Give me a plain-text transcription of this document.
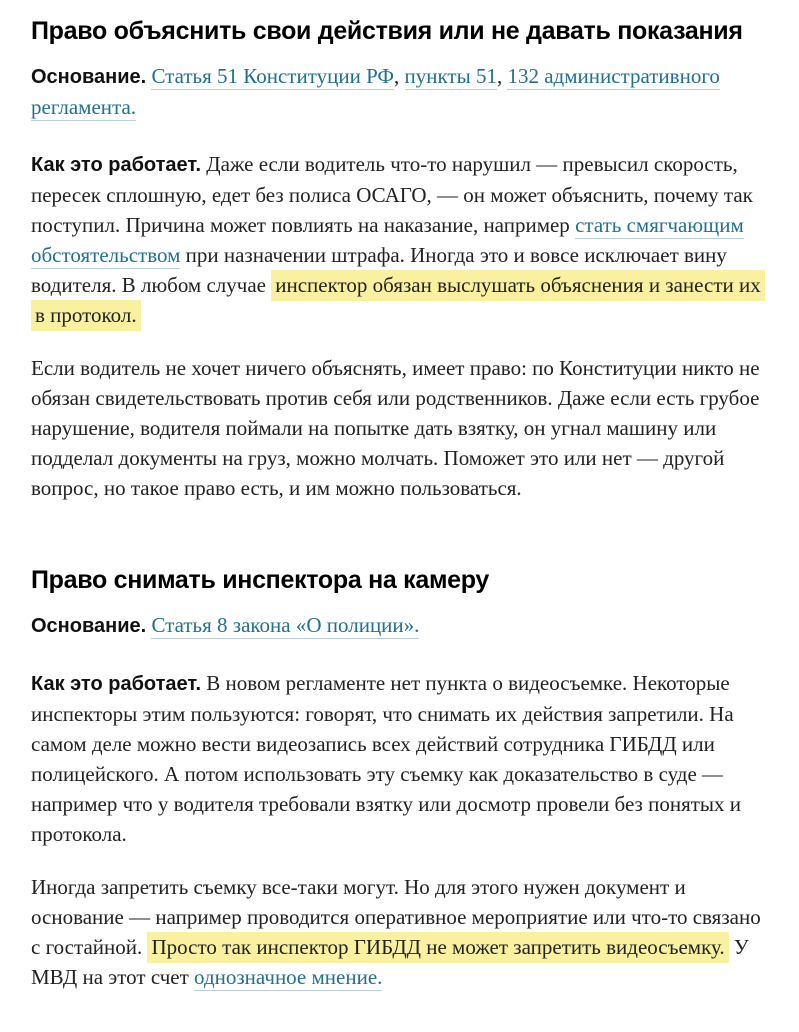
Право объяснить свои действия или не давать показания

Основание. Статья 51 Конституции РФ, пункты 51, 132 административного регламента.

Как это работает. Даже если водитель что-то нарушил — превысил скорость, пересек сплошную, едет без полиса ОСАГО, — он может объяснить, почему так поступил. Причина может повлиять на наказание, например стать смягчающим обстоятельством при назначении штрафа. Иногда это и вовсе исключает вину водителя. В любом случае инспектор обязан выслушать объяснения и занести их в протокол.

Если водитель не хочет ничего объяснять, имеет право: по Конституции никто не обязан свидетельствовать против себя или родственников. Даже если есть грубое нарушение, водителя поймали на попытке дать взятку, он угнал машину или подделал документы на груз, можно молчать. Поможет это или нет — другой вопрос, но такое право есть, и им можно пользоваться.

Право снимать инспектора на камеру

Основание. Статья 8 закона «О полиции».

Как это работает. В новом регламенте нет пункта о видеосъемке. Некоторые инспекторы этим пользуются: говорят, что снимать их действия запретили. На самом деле можно вести видеозапись всех действий сотрудника ГИБДД или полицейского. А потом использовать эту съемку как доказательство в суде — например что у водителя требовали взятку или досмотр провели без понятых и протокола.

Иногда запретить съемку все-таки могут. Но для этого нужен документ и основание — например проводится оперативное мероприятие или что-то связано с гостайной. Просто так инспектор ГИБДД не может запретить видеосъемку. У МВД на этот счет однозначное мнение.
